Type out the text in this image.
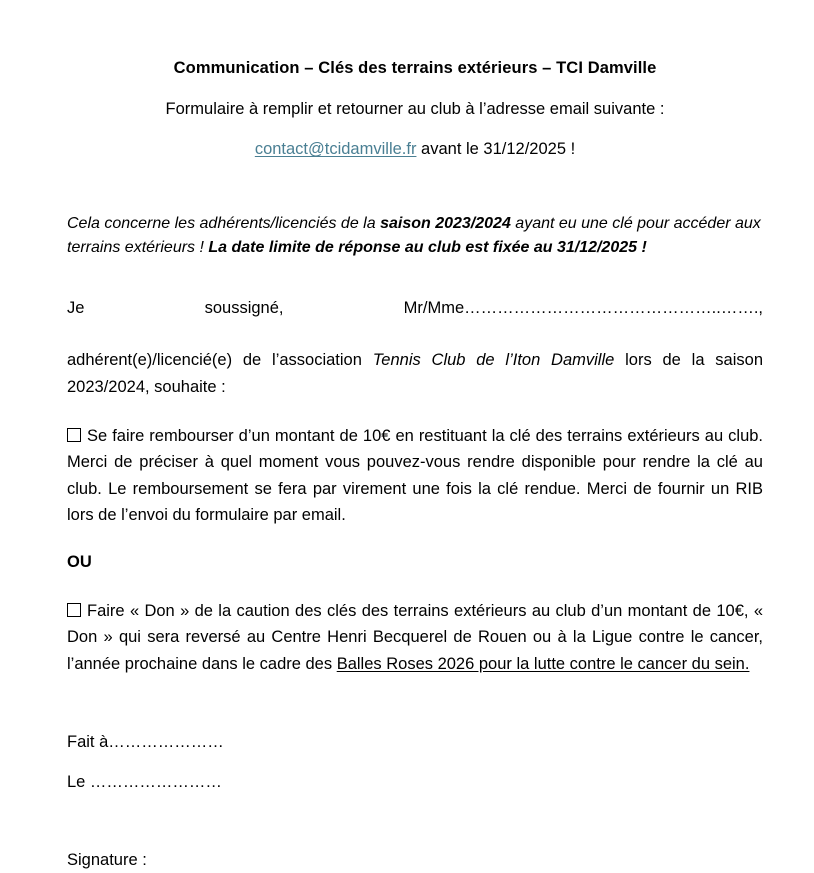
Communication – Clés des terrains extérieurs – TCI Damville

Formulaire à remplir et retourner au club à l’adresse email suivante :

contact@tcidamville.fr avant le 31/12/2025 !

Cela concerne les adhérents/licenciés de la saison 2023/2024 ayant eu une clé pour accéder aux terrains extérieurs ! La date limite de réponse au club est fixée au 31/12/2025 !

Je soussigné, Mr/Mme………………………………………..…….,
adhérent(e)/licencié(e) de l’association Tennis Club de l’Iton Damville lors de la saison 2023/2024, souhaite :

Se faire rembourser d’un montant de 10€ en restituant la clé des terrains extérieurs au club. Merci de préciser à quel moment vous pouvez-vous rendre disponible pour rendre la clé au club. Le remboursement se fera par virement une fois la clé rendue. Merci de fournir un RIB lors de l’envoi du formulaire par email.

OU

Faire « Don » de la caution des clés des terrains extérieurs au club d’un montant de 10€, « Don » qui sera reversé au Centre Henri Becquerel de Rouen ou à la Ligue contre le cancer, l’année prochaine dans le cadre des Balles Roses 2026 pour la lutte contre le cancer du sein.

Fait à…………………

Le ……………………

Signature :
